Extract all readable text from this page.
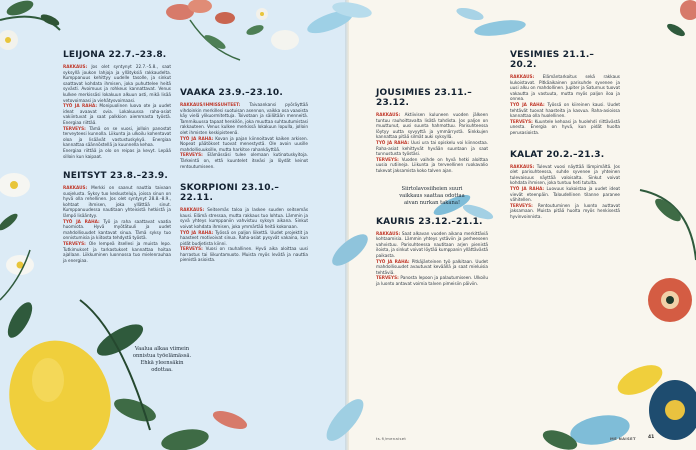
LEIJONA 22.7.–23.8.

RAKKAUS: Jos olet syntynyt 22.7.–5.8., saat syksyllä joukon lahjoja ja yllätyksiä rakkaudelta. Kumppanuus kehittyy uudelle tasolle, ja sinkut saattavat kohdata ihmisen, joka puhuttelee heitä syvästi. Avoimuus ja rohkeus kannattavat. Venus kulkee merkissäsi lokakuun alkuun asti, mikä lisää vetovoimaasi ja viehätysvoimaasi.

TYÖ JA RAHA: Monipuolinen luova ote ja uudet ideat avaavat ovia. Lokakuussa raha-asiat vakiintuvat ja saat palkkion aiemmasta työstä. Energiaa riittää.

TERVEYS: Tämä on se vuosi, jolloin panostat terveyteesi kunnolla. Liikunta ja ulkoilu kohentavat oloa ja lisäävät vastustuskykyä. Energiaa kannattaa säännöstellä ja kuunnella kehoa.

Energiaa riittää ja olo on reipas ja kevyt. Lepää silloin kun kaipaat.

NEITSYT 23.8.–23.9.

RAKKAUS: Merkki on saanut nauttia taivaan suojelusta. Syksy tuo keskusteluja, joissa sinun on hyvä olla rehellinen. Jos olet syntynyt 28.8.–8.9., kohtaat ihmisen, joka yllättää sinut. Kumppanuudessa nautitaan yhteisistä hetkistä ja lämpö lisääntyy.

TYÖ JA RAHA: Työ ja raha saattavat vaatia huomiota. Hyvä myötätuuli ja uudet mahdollisuudet kantavat sinua. Tämä syksy tuo onnistumisia ja kiitosta tehdystä työstä.

TERVEYS: Ole lempeä itsellesi ja muista lepo. Tutkimukset ja tarkastukset kannattaa hoitaa ajallaan. Liikkuminen luonnossa tuo mielenrauhaa ja energiaa.

Vaalua alkaa viimein
onnistua työelämässä.
Ehkä yleensäkin
odottaa.
VAAKA 23.9.–23.10.

RAKKAUS/IHMISSUHTEET: Taivaankansi pyöräyttää vihdoinkin merkillesi suotuisan asennon, vaikka osa vaaoista käy vielä ylikuormitettuja. Toivotaan ja säilötään menneitä. Tammikuussa tapaat henkilön, joka muuttaa suhtautumistasi rakkauteen. Venus kulkee merkissä lokakuun lopulla, jolloin olet ihmisten keskipisteenä.

TYÖ JA RAHA: Kovan ja pajan kiinnoitavat kaiken arkisen. Nopeat päätökset tuovat menestystä. Ole avoin uusille mahdollisuuksille, mutta harkitse rahankäyttöä.

TERVEYS: Elämässäsi tulee olemaan kutinatuskyitoja. Tärkeintä on, että kuuntelet itseäsi ja löydät keinot rentoutumiseen.

SKORPIONI 23.10.–22.11.

RAKKAUS: Seitsemäs taloa ja laskee suuden seitsemäs kausi. Elämä stressaa, mutta rakkaus tuo lohtua. Lämmin ja syvä yhteys kumppaniin vahvistuu syksyn aikana. Sinkut voivat kohdata ihmisen, joka ymmärtää heitä kokonaan.

TYÖ JA RAHA: Työssä on paljon liikettä. Uudet projektit ja haasteet motivoivat sinua. Raha-asiat pysyvät vakaina, kun pidät budjetista kiinni.

TERVEYS: Vuosi on rauhallinen. Hyvä aika aloittaa uusi harrastus tai liikuntamuoto. Muista myös levätä ja nauttia pienistä asioista.

JOUSIMIES 23.11.–23.12.

RAKKAUS: Aktiivisen kuluneen vuoden jälkeen tuntuu rauhoittavalta lisätä tahdista. Jos paljon on muuttunut, uusi suunta hahmottuu. Parisuhteessa löytyy uutta syvyyttä ja ymmärrystä. Sinkkujen kannattaa pitää silmät auki syksyllä.

TYÖ JA RAHA: Uusi ura tai opiskelu voi kiinnostaa. Raha-asiat kehittyvät hyvään suuntaan ja saat tunnustusta työstäsi.

TERVEYS: Vuoden vaihde on hyvä hetki aloittaa uusia rutiineja. Liikunta ja terveellinen ruokavalio tukevat jaksamista koko talven ajan.

Siirtolavosiiheien suuri
vaikkaus saattaa odottaa
aivan nurkan takana!
KAURIS 23.12.–21.1.

RAKKAUS: Saat alkavan vuoden aikana merkittäviä kohtaamisia. Lämmin yhteys ystäviin ja perheeseen vahvistuu. Parisuhteessa nautitaan arjen pienistä iloista, ja sinkut voivat löytää kumppanin yllättävästä paikasta.

TYÖ JA RAHA: Pitkäjänteinen työ palkitaan. Uudet mahdollisuudet avautuvat keväällä ja saat mieluisia tehtäviä.

TERVEYS: Panosta lepoon ja palautumiseen. Ulkoilu ja luonto antavat voimia talven pimeisiin päiviin.

VESIMIES 21.1.–20.2.

RAKKAUS: Elämäntarkoitus sekä rakkaus kukoistavat. Pitkäaikainen parisuhde syvenee ja uusi alku on mahdollinen. Jupiter ja Saturnus tuovat vakautta ja vastuuta, mutta myös paljon iloa ja onnea.

TYÖ JA RAHA: Työssä on kiireinen kausi. Uudet tehtävät tuovat haasteita ja kasvua. Raha-asioissa kannattaa olla huolellinen.

TERVEYS: Kuuntele kehoasi ja huolehdi riittävästä unesta. Energia on hyvä, kun pidät huolta perusasioista.

KALAT 20.2.–21.3.

RAKKAUS: Tulevat vuosi näyttää lämpimältä. Jos olet parisuhteessa, suhde syvenee ja yhteinen tulevaisuus näyttää valoisalta. Sinkut voivat kohdata ihmisen, joka tuntuu heti tutulta.

TYÖ JA RAHA: Luovuus kukoistaa ja uudet ideat vievät eteenpäin. Taloudellinen tilanne paranee vähitellen.

TERVEYS: Rentoutuminen ja luonto auttavat jaksamaan. Muista pitää huolta myös henkisestä hyvinvoinnista.

ts.fi/menaiset	ME NAISET	41
